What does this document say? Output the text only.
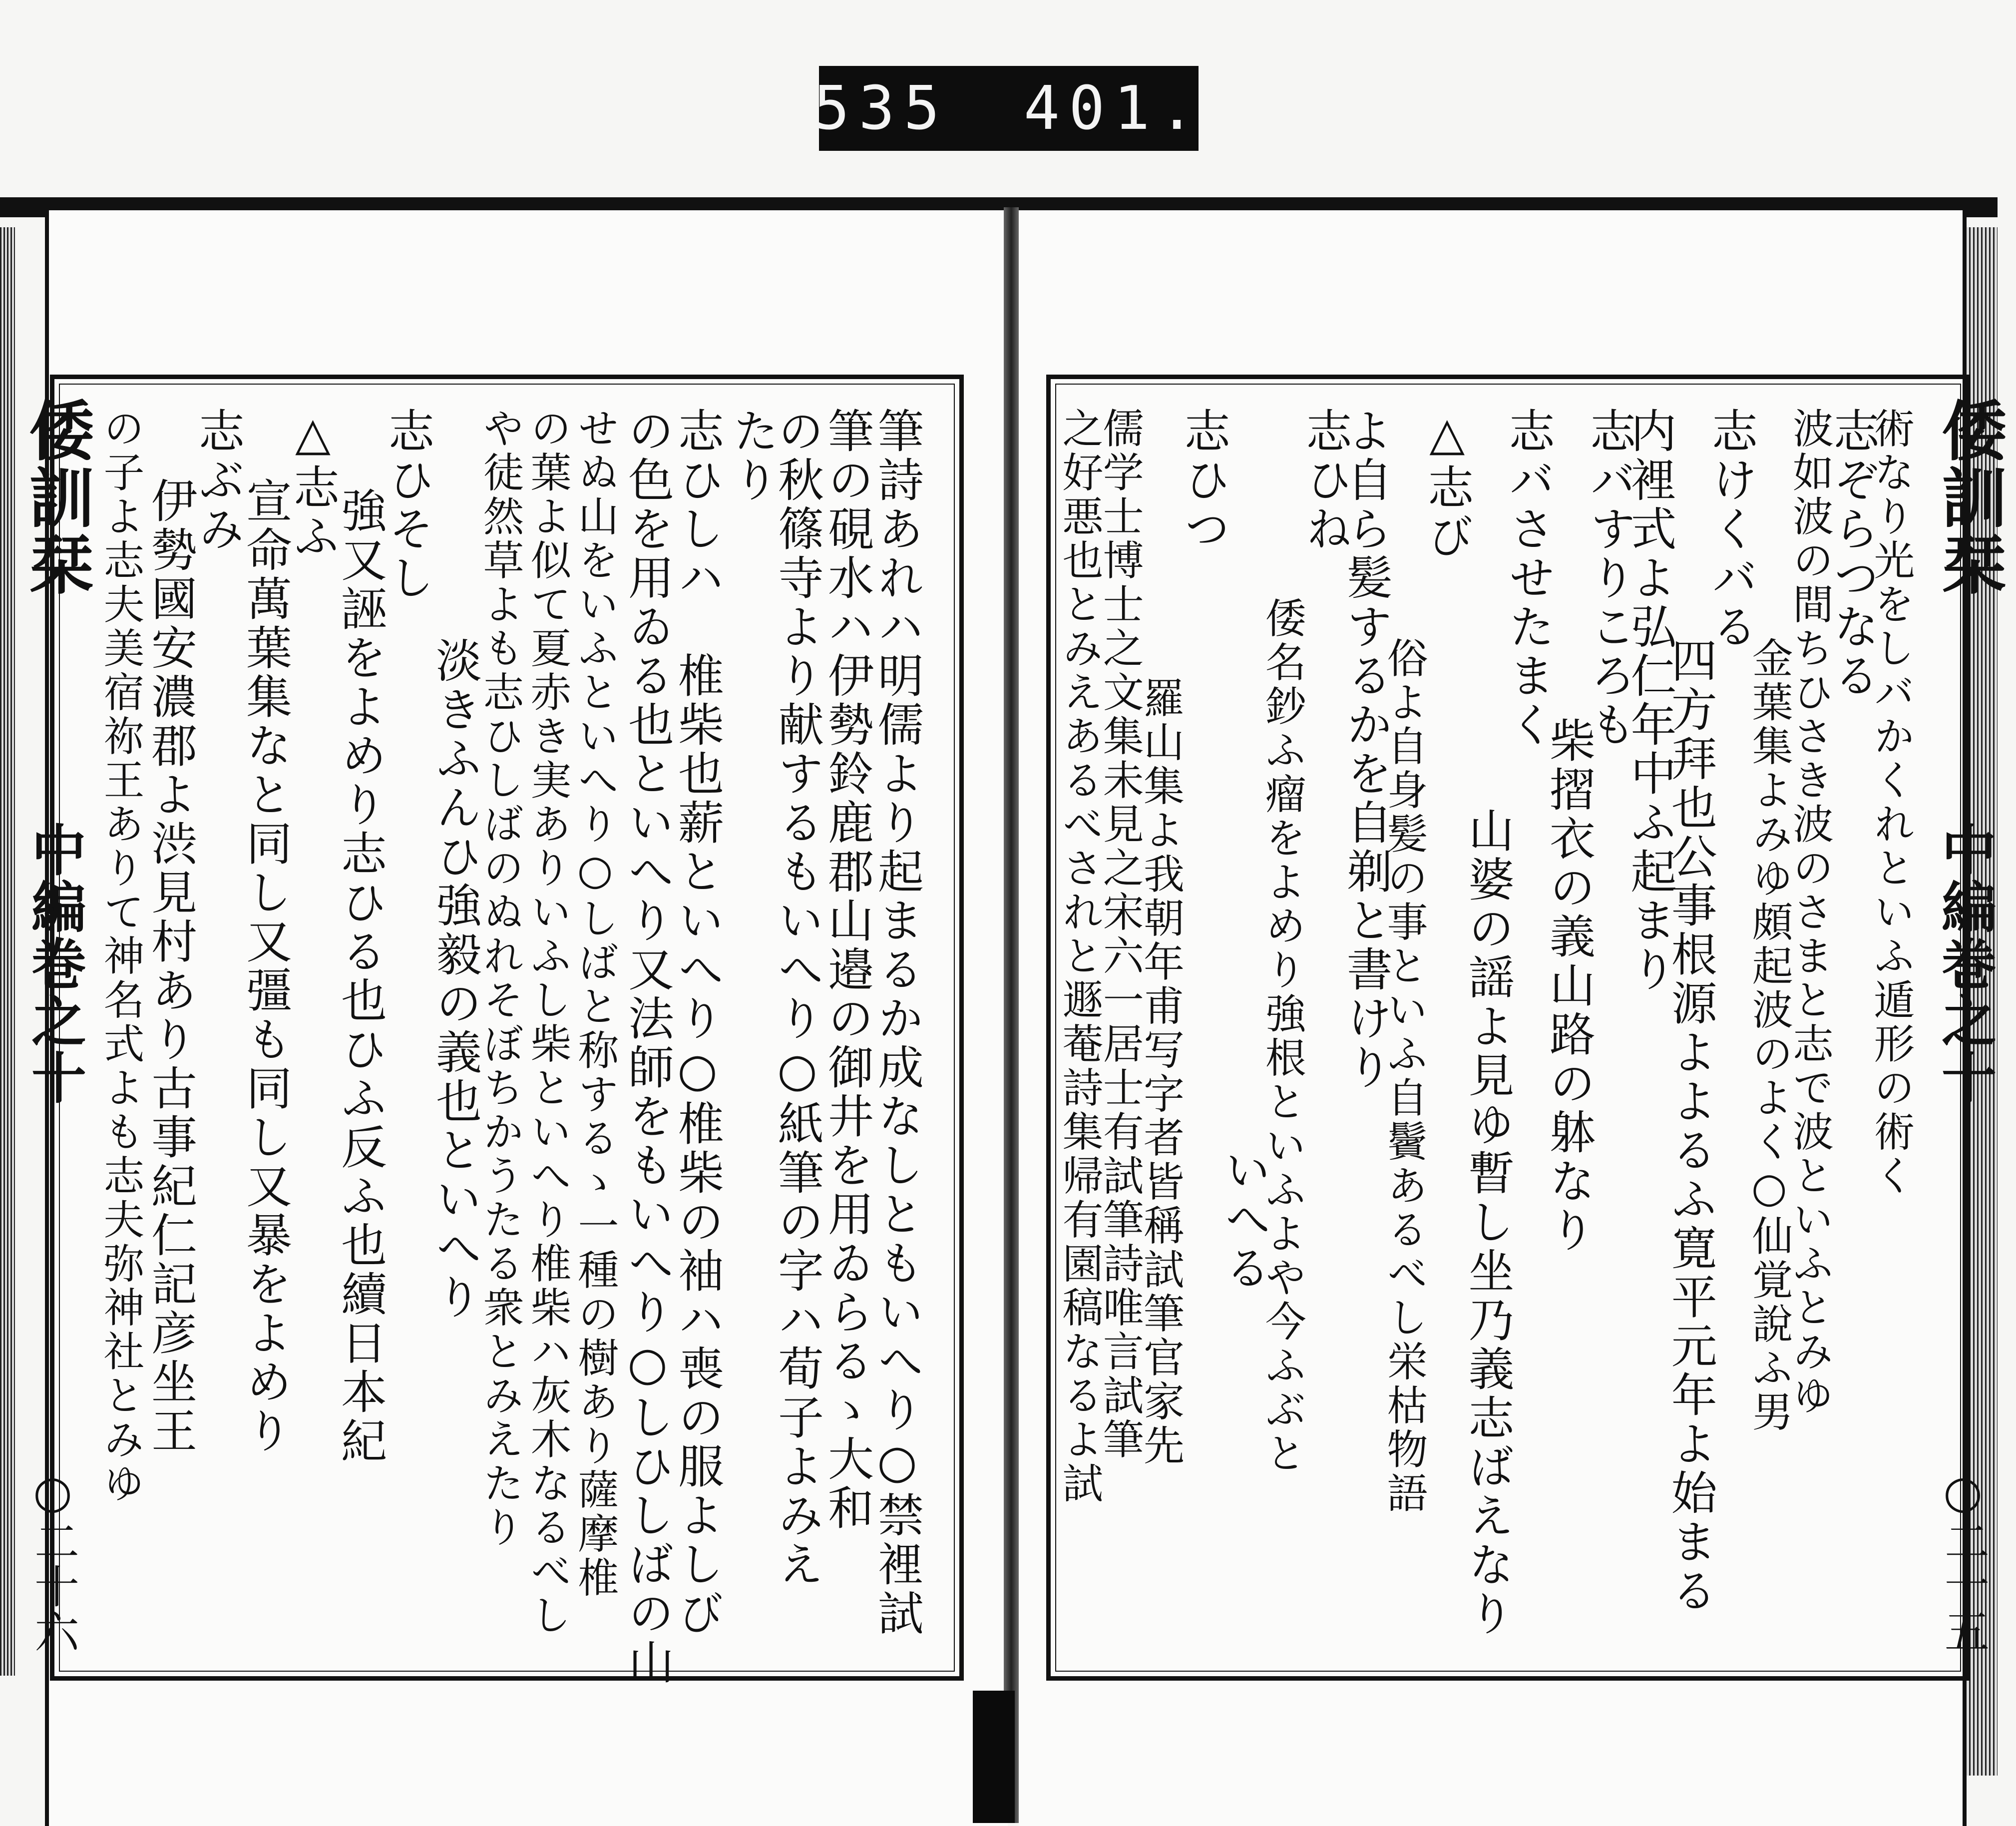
535 401.
倭訓栞
中編巻之十
○二十六	筆詩あれハ明儒より起まるか成なしともいへり○禁裡試
筆の硯水ハ伊勢鈴鹿郡山邉の御井を用ゐらるゝ大和
の秋篠寺より献するもいへり○紙筆の字ハ荀子よみえ
たり
志ひしハ　椎柴也薪といへり○椎柴の袖ハ喪の服よしび
の色を用ゐる也といへり又法師をもいへり○しひしばの山
せぬ山をいふといへり○しばと称するゝ一種の樹あり薩摩椎
の葉よ似て夏赤き実ありいふし柴といへり椎柴ハ灰木なるべし
や徒然草よも志ひしばのぬれそぼちかうたる衆とみえたり
淡きふんひ強毅の義也といへり
志ひそし
強又誣をよめり志ひる也ひふ反ふ也續日本紀
△志ふ
宣命萬葉集なと同し又彊も同し又暴をよめり
志ぶみ
伊勢國安濃郡よ渋見村あり古事紀仁記彦坐王
の子よ志夫美宿祢王ありて神名式よも志夫弥神社とみゆ	倭訓栞
中編巻之十
○二十五
術なり光をしバかくれといふ遁形の術く
志ぞらつなる
波如波の間ちひさき波のさまと志で波といふとみゆ
金葉集よみゆ頗起波のよく○仙覚說ふ男
志けくバる
四方拜也公事根源よよるふ寛平元年よ始まる
内裡式よ弘仁年中ふ起まり
志バすりころも
柴摺衣の義山路の躰なり
志バさせたまく
山婆の謡よ見ゆ暫し坐乃義志ばえなり
△志び
俗よ自身髪の事といふ自鬢あるべし栄枯物語
よ自ら髪するかを自剃と書けり
志ひね
倭名鈔ふ瘤をよめり強根といふよや今ふぶと
いへる
志ひつ
羅山集よ我朝年甫写字者皆稱試筆官家先
儒学士博士之文集未見之宋六一居士有試筆詩唯言試筆
之好悪也とみえあるべされと遯菴詩集帰有園稿なるよ試
